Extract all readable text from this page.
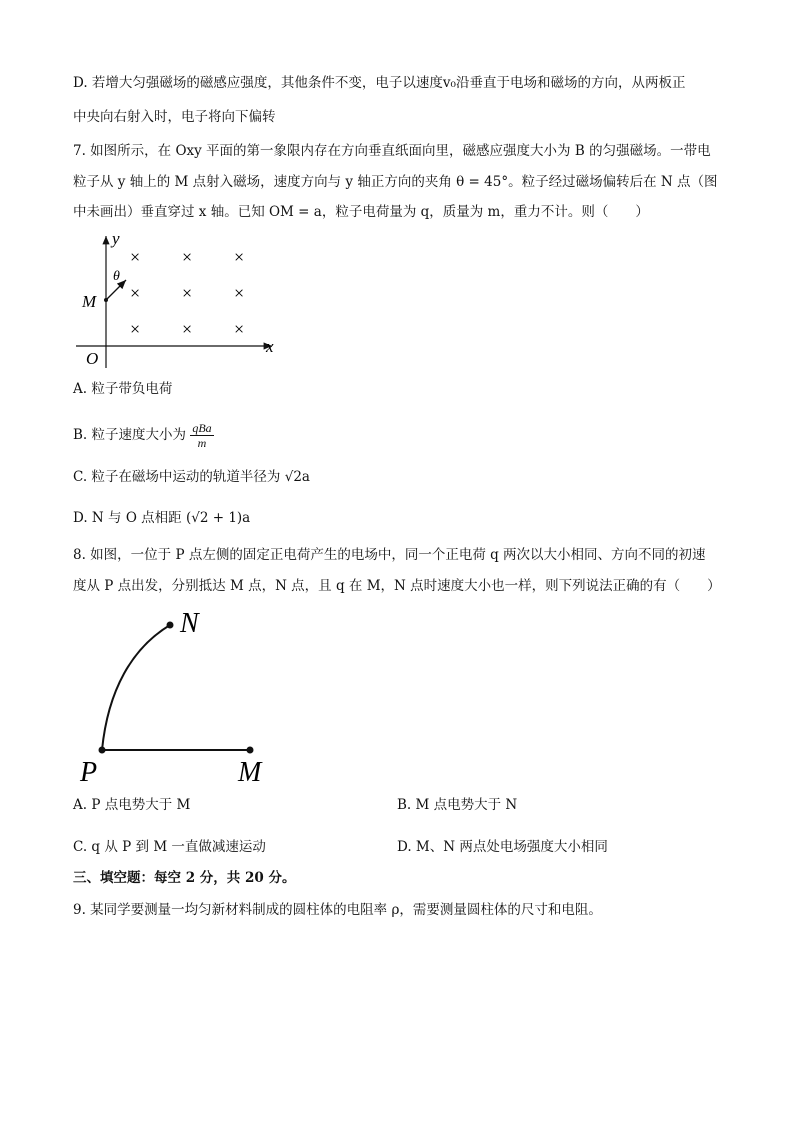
D. 若增大匀强磁场的磁感应强度，其他条件不变，电子以速度v₀沿垂直于电场和磁场的方向，从两板正
中央向右射入时，电子将向下偏转
7. 如图所示，在 Oxy 平面的第一象限内存在方向垂直纸面向里，磁感应强度大小为 B 的匀强磁场。一带电
粒子从 y 轴上的 M 点射入磁场，速度方向与 y 轴正方向的夹角 θ = 45°。粒子经过磁场偏转后在 N 点（图
中未画出）垂直穿过 x 轴。已知 OM = a，粒子电荷量为 q，质量为 m，重力不计。则（　　）
y
x
O
M
θ
× × ×
× × ×
× × ×
A. 粒子带负电荷
B. 粒子速度大小为 $\frac{\text{qBa}}{m}$
C. 粒子在磁场中运动的轨道半径为 √2a
D. N 与 O 点相距 (√2 + 1)a
8. 如图，一位于 P 点左侧的固定正电荷产生的电场中，同一个正电荷 q 两次以大小相同、方向不同的初速
度从 P 点出发，分别抵达 M 点，N 点，且 q 在 M，N 点时速度大小也一样，则下列说法正确的有（　　）
N
P	M
A. P 点电势大于 M	B. M 点电势大于 N
C. q 从 P 到 M 一直做减速运动	D. M、N 两点处电场强度大小相同
三、填空题：每空 2 分，共 20 分。
9. 某同学要测量一均匀新材料制成的圆柱体的电阻率 ρ，需要测量圆柱体的尺寸和电阻。
